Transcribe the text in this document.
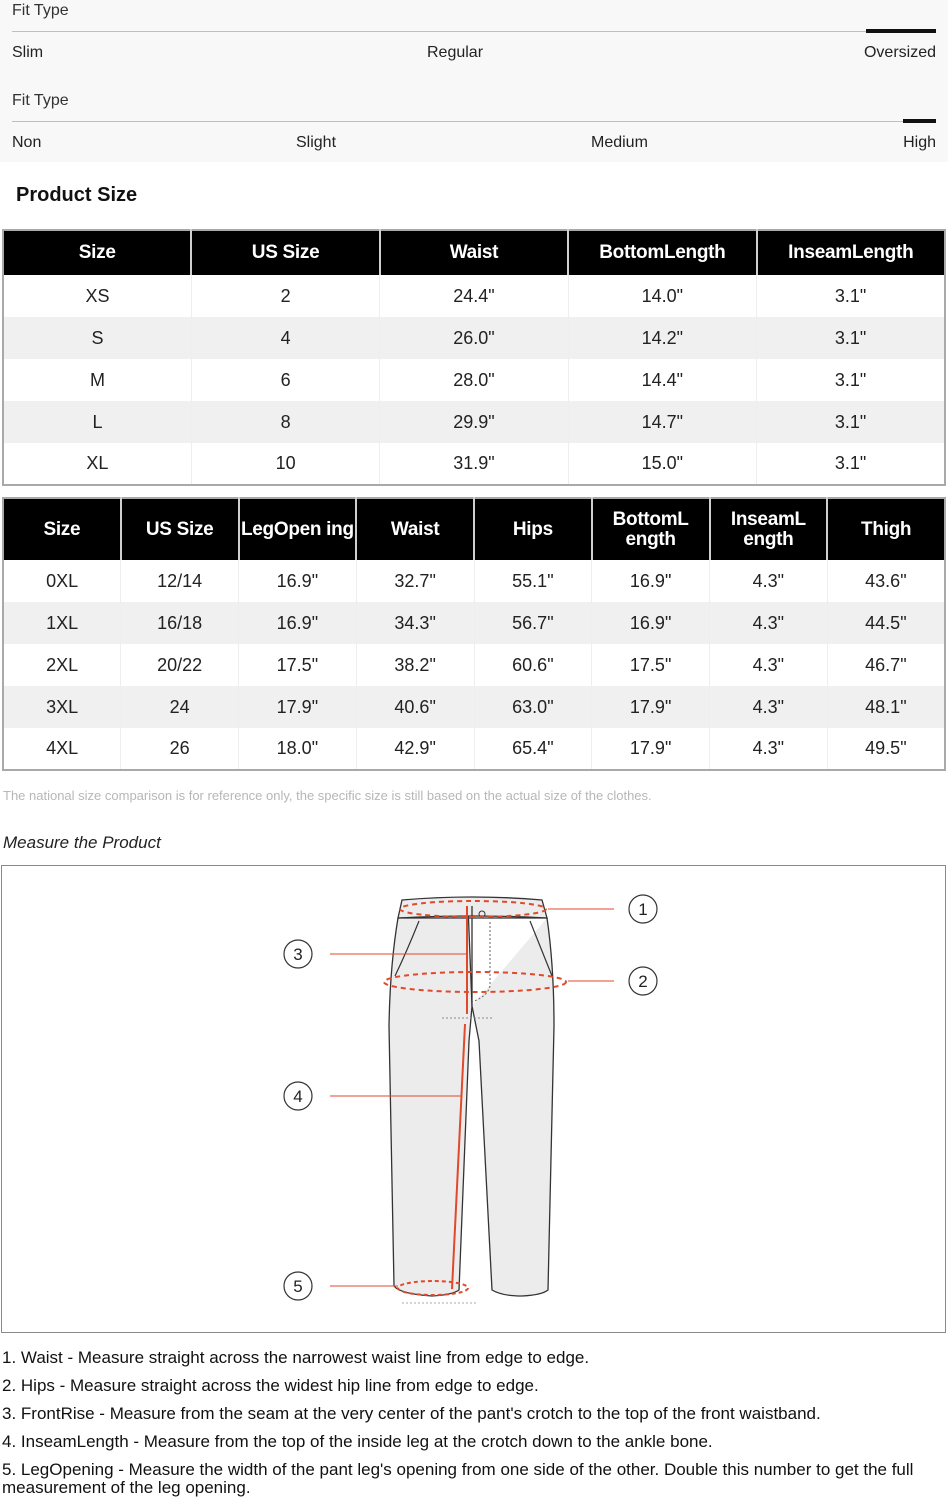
Fit Type
Slim	Regular	Oversized
Fit Type
Non	Slight	Medium	High
Product Size
Size	US Size	Waist	BottomLength	InseamLength
XS	2	24.4"	14.0"	3.1"
S	4	26.0"	14.2"	3.1"
M	6	28.0"	14.4"	3.1"
L	8	29.9"	14.7"	3.1"
XL	10	31.9"	15.0"	3.1"
Size	US Size	LegOpen ing	Waist	Hips	BottomL ength	InseamL ength	Thigh
0XL	12/14	16.9"	32.7"	55.1"	16.9"	4.3"	43.6"
1XL	16/18	16.9"	34.3"	56.7"	16.9"	4.3"	44.5"
2XL	20/22	17.5"	38.2"	60.6"	17.5"	4.3"	46.7"
3XL	24	17.9"	40.6"	63.0"	17.9"	4.3"	48.1"
4XL	26	18.0"	42.9"	65.4"	17.9"	4.3"	49.5"
The national size comparison is for reference only, the specific size is still based on the actual size of the clothes.
Measure the Product
1
2
3
4
5

1. Waist - Measure straight across the narrowest waist line from edge to edge.

2. Hips - Measure straight across the widest hip line from edge to edge.

3. FrontRise - Measure from the seam at the very center of the pant's crotch to the top of the front waistband.

4. InseamLength - Measure from the top of the inside leg at the crotch down to the ankle bone.

5. LegOpening - Measure the width of the pant leg's opening from one side of the other. Double this number to get the full measurement of the leg opening.
